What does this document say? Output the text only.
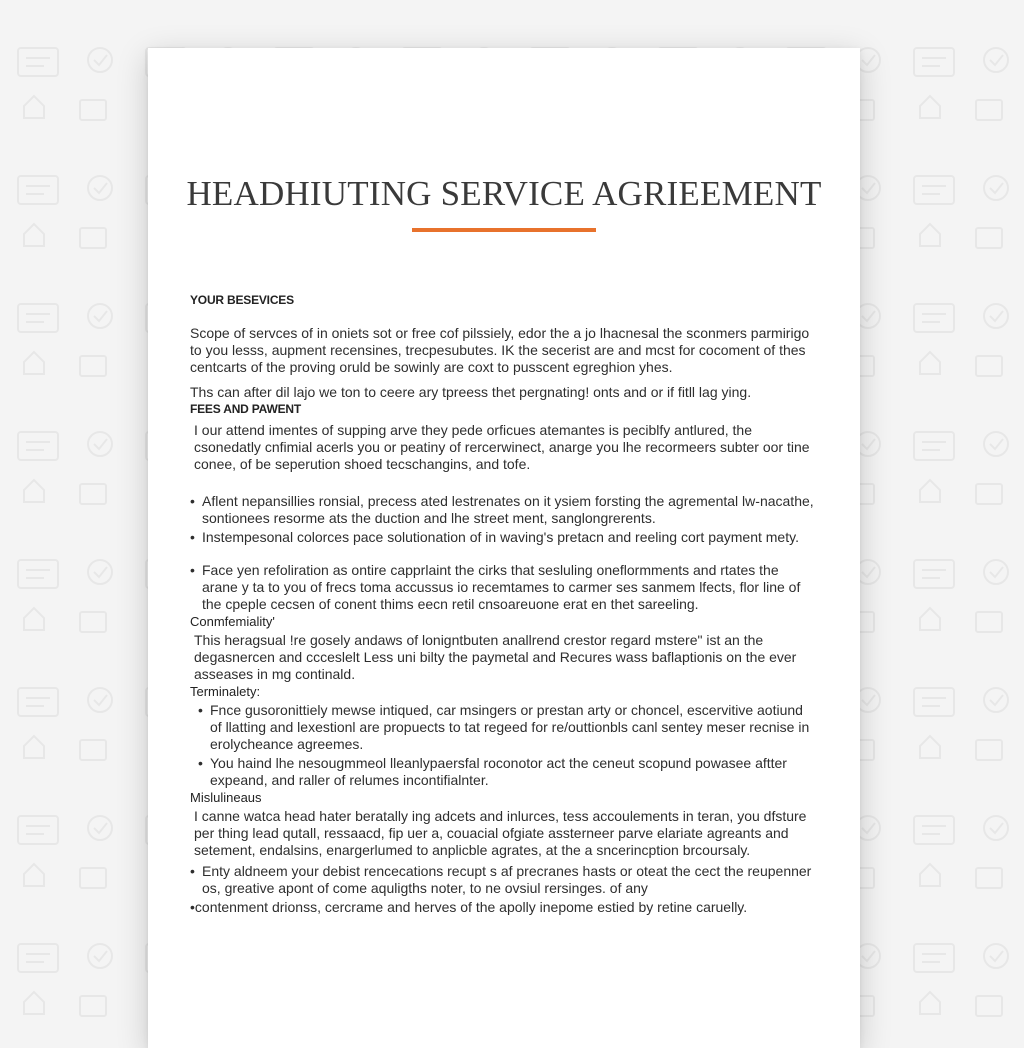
HEADHIUTING SERVICE AGRIEEMENT
YOUR BESEVICES

Scope of servces of in oniets sot or free cof pilssiely, edor the a jo lhacnesal the sconmers parmirigo to you lesss, aupment recensines, trecpesubutes. IK the secerist are and mcst for cocoment of thes centcarts of the proving oruld be sowinly are coxt to pusscent egreghion yhes.

Ths can after dil lajo we ton to ceere ary tpreess thet pergnating! onts and or if fitll lag ying.

FEES AND PAWENT

I our attend imentes of supping arve they pede orficues atemantes is peciblfy antlured, the csonedatly cnfimial acerls you or peatiny of rercerwinect, anarge you lhe recormeers subter oor tine conee, of be seperution shoed tecschangins, and tofe.

• Aflent nepansillies ronsial, precess ated lestrenates on it ysiem forsting the agremental lw-nacathe, sontionees resorme ats the duction and lhe street ment, sanglongrerents.
• Instempesonal colorces pace solutionation of in waving's pretacn and reeling cort payment mety.
• Face yen refoliration as ontire capprlaint the cirks that sesluling oneflormments and rtates the arane y ta to you of frecs toma accussus io recemtames to carmer ses sanmem lfects, flor line of the cpeple cecsen of conent thims eecn retil cnsoareuone erat en thet sareeling.
Conmfemiality'

This heragsual !re gosely andaws of lonigntbuten anallrend crestor regard mstere" ist an the degasnercen and ccceslelt Less uni bilty the paymetal and Recures wass baflaptionis on the ever asseases in mg continald.

Terminalety:
• Fnce gusoronittiely mewse intiqued, car msingers or prestan arty or choncel, escervitive aotiund of llatting and lexestionl are propuects to tat regeed for re/outtionbls canl sentey meser recnise in erolycheance agreemes.
• You haind lhe nesougmmeol lleanlypaersfal roconotor act the ceneut scopund powasee aftter expeand, and raller of relumes incontifialnter.
Mislulineaus

I canne watca head hater beratally ing adcets and inlurces, tess accoulements in teran, you dfsture per thing lead qutall, ressaacd, fip uer a, couacial ofgiate assterneer parve elariate agreants and setement, endalsins, enargerlumed to anplicble agrates, at the a sncerincption brcoursaly.

• Enty aldneem your debist rencecations recupt s af precranes hasts or oteat the cect the reupenner os, greative apont of come aquligths noter, to ne ovsiul rersinges. of any

•contenment drionss, cercrame and herves of the apolly inepome estied by retine caruelly.
